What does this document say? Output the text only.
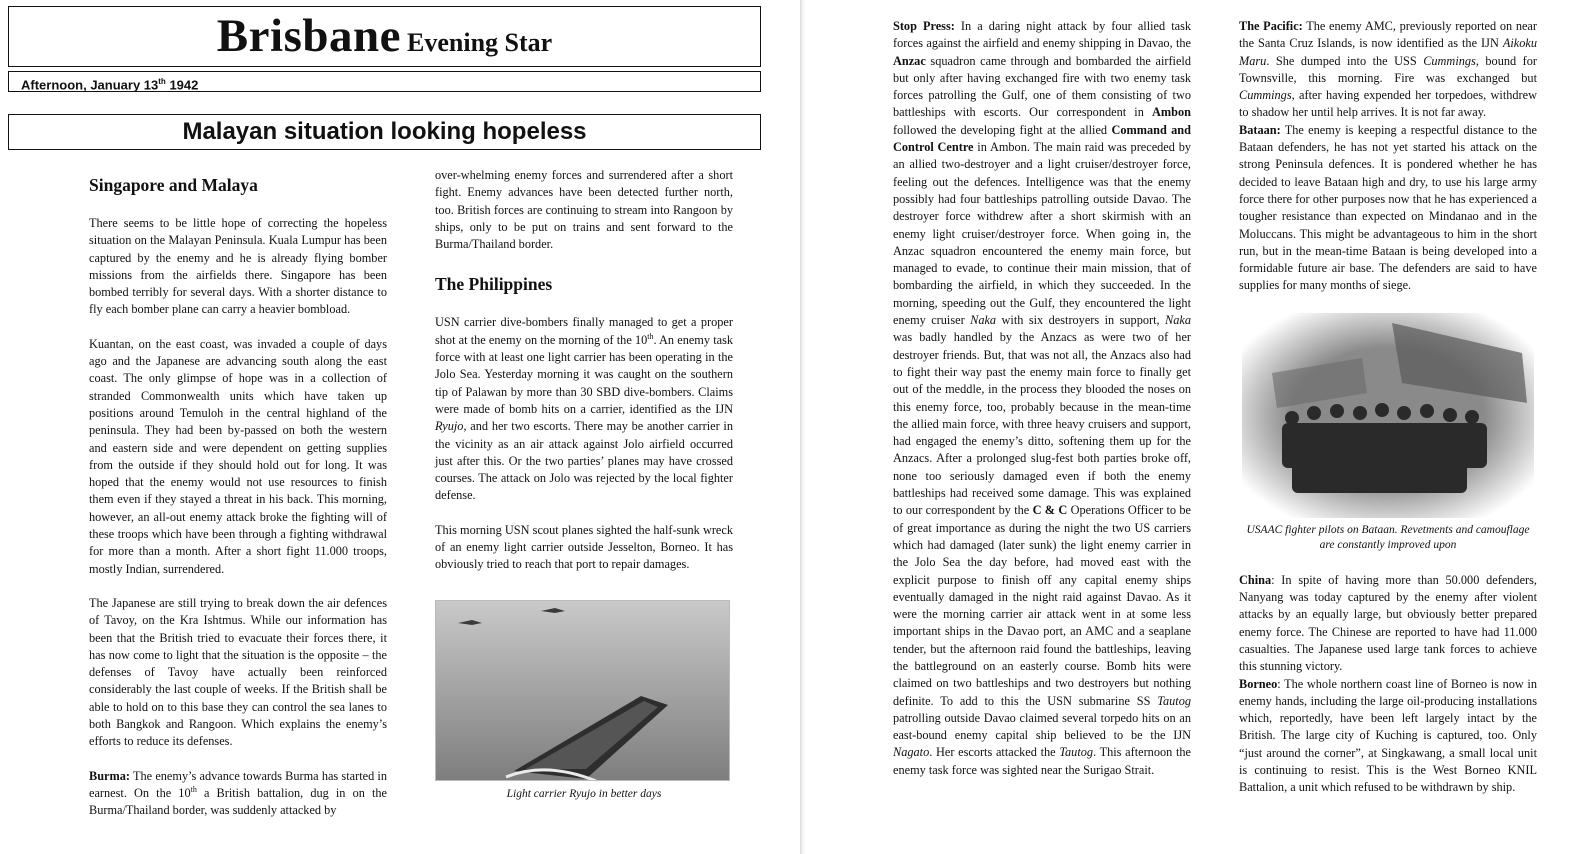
Brisbane Evening Star
Afternoon, January 13th 1942
Malayan situation looking hopeless
Singapore and Malaya

There seems to be little hope of correcting the hopeless situation on the Malayan Peninsula. Kuala Lumpur has been captured by the enemy and he is already flying bomber missions from the airfields there. Singapore has been bombed terribly for several days. With a shorter distance to fly each bomber plane can carry a heavier bombload.

Kuantan, on the east coast, was invaded a couple of days ago and the Japanese are advancing south along the east coast. The only glimpse of hope was in a collection of stranded Commonwealth units which have taken up positions around Temuloh in the central highland of the peninsula. They had been by-passed on both the western and eastern side and were dependent on getting supplies from the outside if they should hold out for long. It was hoped that the enemy would not use resources to finish them even if they stayed a threat in his back. This morning, however, an all-out enemy attack broke the fighting will of these troops which have been through a fighting withdrawal for more than a month. After a short fight 11.000 troops, mostly Indian, surrendered.

The Japanese are still trying to break down the air defences of Tavoy, on the Kra Ishtmus. While our information has been that the British tried to evacuate their forces there, it has now come to light that the situation is the opposite – the defenses of Tavoy have actually been reinforced considerably the last couple of weeks. If the British shall be able to hold on to this base they can control the sea lanes to both Bangkok and Rangoon. Which explains the enemy’s efforts to reduce its defenses.

Burma: The enemy’s advance towards Burma has started in earnest. On the 10th a British battalion, dug in on the Burma/Thailand border, was suddenly attacked by

over-whelming enemy forces and surrendered after a short fight. Enemy advances have been detected further north, too. British forces are continuing to stream into Rangoon by ships, only to be put on trains and sent forward to the Burma/Thailand border.

The Philippines

USN carrier dive-bombers finally managed to get a proper shot at the enemy on the morning of the 10th. An enemy task force with at least one light carrier has been operating in the Jolo Sea. Yesterday morning it was caught on the southern tip of Palawan by more than 30 SBD dive-bombers. Claims were made of bomb hits on a carrier, identified as the IJN Ryujo, and her two escorts. There may be another carrier in the vicinity as an air attack against Jolo airfield occurred just after this. Or the two parties’ planes may have crossed courses. The attack on Jolo was rejected by the local fighter defense.

This morning USN scout planes sighted the half-sunk wreck of an enemy light carrier outside Jesselton, Borneo. It has obviously tried to reach that port to repair damages.

Light carrier Ryujo in better days

Stop Press: In a daring night attack by four allied task forces against the airfield and enemy shipping in Davao, the Anzac squadron came through and bombarded the airfield but only after having exchanged fire with two enemy task forces patrolling the Gulf, one of them consisting of two battleships with escorts. Our correspondent in Ambon followed the developing fight at the allied Command and Control Centre in Ambon. The main raid was preceded by an allied two-destroyer and a light cruiser/destroyer force, feeling out the defences. Intelligence was that the enemy possibly had four battleships patrolling outside Davao. The destroyer force withdrew after a short skirmish with an enemy light cruiser/destroyer force. When going in, the Anzac squadron encountered the enemy main force, but managed to evade, to continue their main mission, that of bombarding the airfield, in which they succeeded. In the morning, speeding out the Gulf, they encountered the light enemy cruiser Naka with six destroyers in support, Naka was badly handled by the Anzacs as were two of her destroyer friends. But, that was not all, the Anzacs also had to fight their way past the enemy main force to finally get out of the meddle, in the process they blooded the noses on this enemy force, too, probably because in the mean-time the allied main force, with three heavy cruisers and support, had engaged the enemy’s ditto, softening them up for the Anzacs. After a prolonged slug-fest both parties broke off, none too seriously damaged even if both the enemy battleships had received some damage. This was explained to our correspondent by the C & C Operations Officer to be of great importance as during the night the two US carriers which had damaged (later sunk) the light enemy carrier in the Jolo Sea the day before, had moved east with the explicit purpose to finish off any capital enemy ships eventually damaged in the night raid against Davao. As it were the morning carrier air attack went in at some less important ships in the Davao port, an AMC and a seaplane tender, but the afternoon raid found the battleships, leaving the battleground on an easterly course. Bomb hits were claimed on two battleships and two destroyers but nothing definite. To add to this the USN submarine SS Tautog patrolling outside Davao claimed several torpedo hits on an east-bound enemy capital ship believed to be the IJN Nagato. Her escorts attacked the Tautog. This afternoon the enemy task force was sighted near the Surigao Strait.

The Pacific: The enemy AMC, previously reported on near the Santa Cruz Islands, is now identified as the IJN Aikoku Maru. She dumped into the USS Cummings, bound for Townsville, this morning. Fire was exchanged but Cummings, after having expended her torpedoes, withdrew to shadow her until help arrives. It is not far away.

Bataan: The enemy is keeping a respectful distance to the Bataan defenders, he has not yet started his attack on the strong Peninsula defences. It is pondered whether he has decided to leave Bataan high and dry, to use his large army force there for other purposes now that he has experienced a tougher resistance than expected on Mindanao and in the Moluccans. This might be advantageous to him in the short run, but in the mean-time Bataan is being developed into a formidable future air base. The defenders are said to have supplies for many months of siege.

USAAC fighter pilots on Bataan. Revetments and camouflage are constantly improved upon

China: In spite of having more than 50.000 defenders, Nanyang was today captured by the enemy after violent attacks by an equally large, but obviously better prepared enemy force. The Chinese are reported to have had 11.000 casualties. The Japanese used large tank forces to achieve this stunning victory.

Borneo: The whole northern coast line of Borneo is now in enemy hands, including the large oil-producing installations which, reportedly, have been left largely intact by the British. The large city of Kuching is captured, too. Only “just around the corner”, at Singkawang, a small local unit is continuing to resist. This is the West Borneo KNIL Battalion, a unit which refused to be withdrawn by ship.
